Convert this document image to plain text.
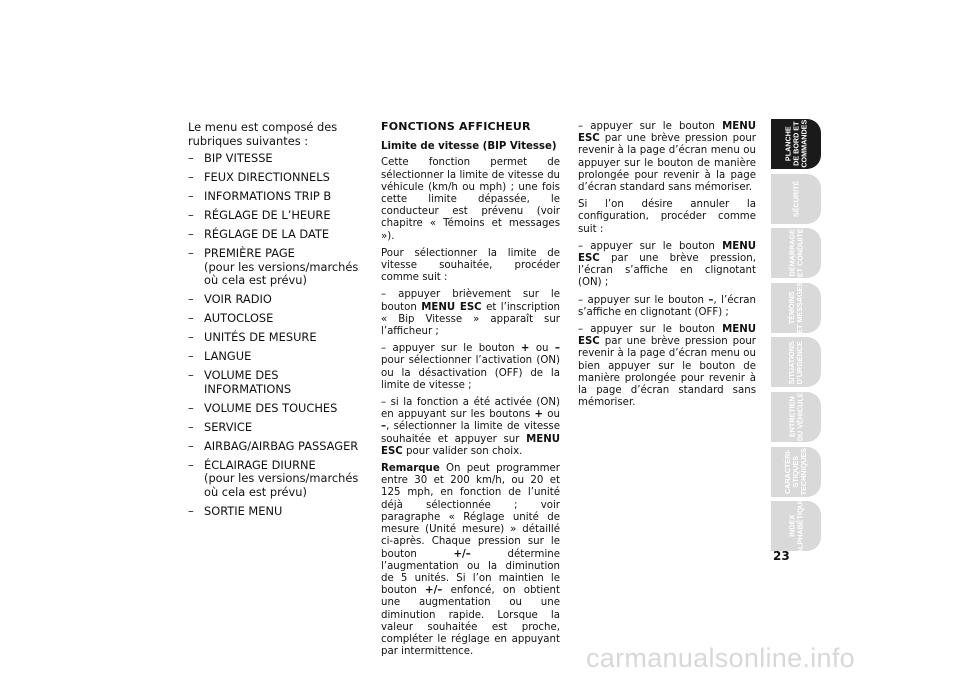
Le menu est composé des rubriques suivantes :

– BIP VITESSE
– FEUX DIRECTIONNELS
– INFORMATIONS TRIP B
– RÉGLAGE DE L’HEURE
– RÉGLAGE DE LA DATE
– PREMIÈRE PAGE
(pour les versions/marchés où cela est prévu)
– VOIR RADIO
– AUTOCLOSE
– UNITÉS DE MESURE
– LANGUE
– VOLUME DES INFORMATIONS
– VOLUME DES TOUCHES
– SERVICE
– AIRBAG/AIRBAG PASSAGER
– ÉCLAIRAGE DIURNE
(pour les versions/marchés où cela est prévu)
– SORTIE MENU

FONCTIONS AFFICHEUR

Limite de vitesse (BIP Vitesse)

Cette fonction permet de sélectionner la limite de vitesse du véhicule (km/h ou mph) ; une fois cette limite dépassée, le conducteur est prévenu (voir chapitre « Témoins et messages »).

Pour sélectionner la limite de vitesse souhaitée, procéder comme suit :

– appuyer brièvement sur le bouton MENU ESC et l’inscription « Bip Vitesse » apparaît sur l’afficheur ;

– appuyer sur le bouton + ou – pour sélectionner l’activation (ON) ou la désactivation (OFF) de la limite de vitesse ;

– si la fonction a été activée (ON) en appuyant sur les boutons + ou –, sélectionner la limite de vitesse souhaitée et appuyer sur MENU ESC pour valider son choix.

Remarque On peut programmer entre 30 et 200 km/h, ou 20 et 125 mph, en fonction de l’unité déjà sélectionnée ; voir paragraphe « Réglage unité de mesure (Unité mesure) » détaillé ci-après. Chaque pression sur le bouton	+/–	détermine l’augmentation ou la diminution de 5 unités. Si l’on maintien le bouton +/– enfoncé, on obtient une augmentation ou une diminution rapide. Lorsque la valeur souhaitée est proche, compléter le réglage en appuyant par intermittence.

– appuyer sur le bouton MENU ESC par une brève pression pour revenir à la page d’écran menu ou appuyer sur le bouton de manière prolongée pour revenir à la page d’écran standard sans mémoriser.

Si l’on désire annuler la configuration, procéder comme suit :

– appuyer sur le bouton MENU ESC par une brève pression, l’écran s’affiche en clignotant (ON) ;

– appuyer sur le bouton –, l’écran s’affiche en clignotant (OFF) ;

– appuyer sur le bouton MENU ESC par une brève pression pour revenir à la page d’écran menu ou bien appuyer sur le bouton de manière prolongée pour revenir à la page d’écran standard sans mémoriser.

PLANCHE
DE BORD ET
COMMANDES
SÉCURITÉ
DÉMARRAGE
ET CONDUITE
TÉMOINS
ET MESSAGES
SITUATIONS
D’URGENCE
ENTRETIEN
DU VÉHICULE
CARACTÉRI-
STIQUES
TECHNIQUES
INDEX
ALPHABÉTIQUE
23
carmanualsonline.info
